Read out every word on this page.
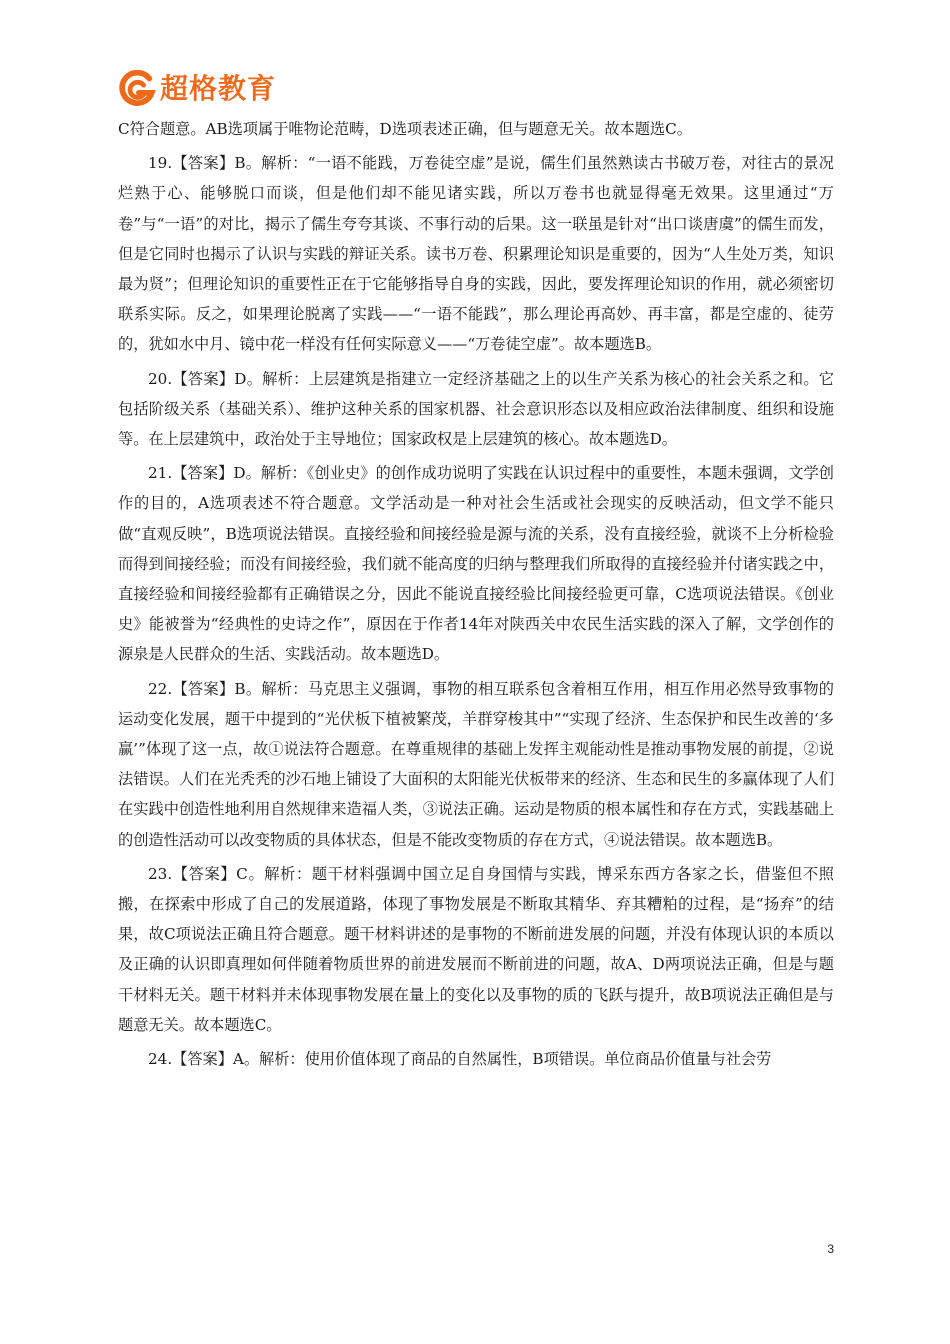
超格教育

C符合题意。AB选项属于唯物论范畴，D选项表述正确，但与题意无关。故本题选C。

19.【答案】B。解析：“一语不能践，万卷徒空虚”是说，儒生们虽然熟读古书破万卷，对往古的景况烂熟于心、能够脱口而谈，但是他们却不能见诸实践，所以万卷书也就显得毫无效果。这里通过“万卷”与“一语”的对比，揭示了儒生夸夸其谈、不事行动的后果。这一联虽是针对“出口谈唐虞”的儒生而发，但是它同时也揭示了认识与实践的辩证关系。读书万卷、积累理论知识是重要的，因为“人生处万类，知识最为贤”；但理论知识的重要性正在于它能够指导自身的实践，因此，要发挥理论知识的作用，就必须密切联系实际。反之，如果理论脱离了实践——“一语不能践”，那么理论再高妙、再丰富，都是空虚的、徒劳的，犹如水中月、镜中花一样没有任何实际意义——“万卷徒空虚”。故本题选B。

20.【答案】D。解析：上层建筑是指建立一定经济基础之上的以生产关系为核心的社会关系之和。它包括阶级关系（基础关系）、维护这种关系的国家机器、社会意识形态以及相应政治法律制度、组织和设施等。在上层建筑中，政治处于主导地位；国家政权是上层建筑的核心。故本题选D。

21.【答案】D。解析：《创业史》的创作成功说明了实践在认识过程中的重要性，本题未强调，文学创作的目的，A选项表述不符合题意。文学活动是一种对社会生活或社会现实的反映活动，但文学不能只做“直观反映”，B选项说法错误。直接经验和间接经验是源与流的关系，没有直接经验，就谈不上分析检验而得到间接经验；而没有间接经验，我们就不能高度的归纳与整理我们所取得的直接经验并付诸实践之中，直接经验和间接经验都有正确错误之分，因此不能说直接经验比间接经验更可靠，C选项说法错误。《创业史》能被誉为“经典性的史诗之作”，原因在于作者14年对陕西关中农民生活实践的深入了解，文学创作的源泉是人民群众的生活、实践活动。故本题选D。

22.【答案】B。解析：马克思主义强调，事物的相互联系包含着相互作用，相互作用必然导致事物的运动变化发展，题干中提到的“光伏板下植被繁茂，羊群穿梭其中”“实现了经济、生态保护和民生改善的‘多赢’”体现了这一点，故①说法符合题意。在尊重规律的基础上发挥主观能动性是推动事物发展的前提，②说法错误。人们在光秃秃的沙石地上铺设了大面积的太阳能光伏板带来的经济、生态和民生的多赢体现了人们在实践中创造性地利用自然规律来造福人类，③说法正确。运动是物质的根本属性和存在方式，实践基础上的创造性活动可以改变物质的具体状态，但是不能改变物质的存在方式，④说法错误。故本题选B。

23.【答案】C。解析：题干材料强调中国立足自身国情与实践，博采东西方各家之长，借鉴但不照搬，在探索中形成了自己的发展道路，体现了事物发展是不断取其精华、弃其糟粕的过程，是“扬弃”的结果，故C项说法正确且符合题意。题干材料讲述的是事物的不断前进发展的问题，并没有体现认识的本质以及正确的认识即真理如何伴随着物质世界的前进发展而不断前进的问题，故A、D两项说法正确，但是与题干材料无关。题干材料并未体现事物发展在量上的变化以及事物的质的飞跃与提升，故B项说法正确但是与题意无关。故本题选C。

24.【答案】A。解析：使用价值体现了商品的自然属性，B项错误。单位商品价值量与社会劳

3
